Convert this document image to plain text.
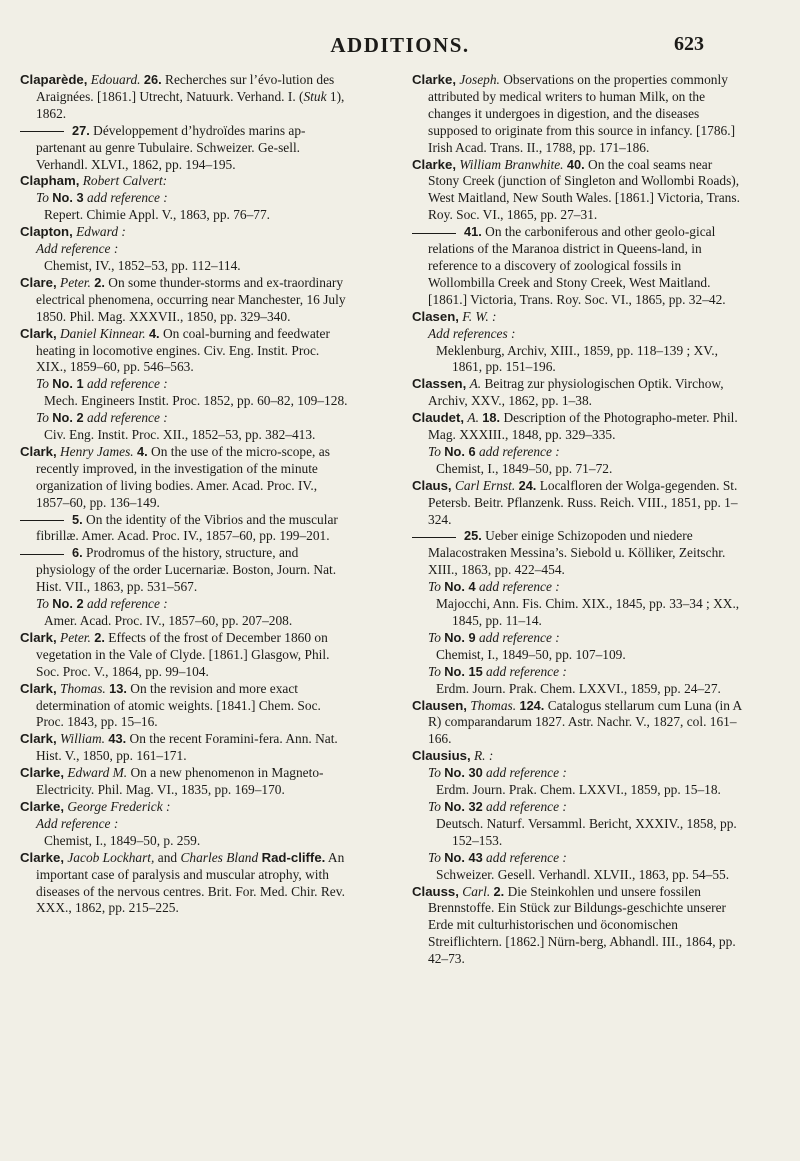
ADDITIONS.	623

Claparède, Edouard. 26. Recherches sur l’évo-lution des Araignées. [1861.] Utrecht, Natuurk. Verhand. I. (Stuk 1), 1862.

27. Développement d’hydroïdes marins ap-partenant au genre Tubulaire. Schweizer. Ge-sell. Verhandl. XLVI., 1862, pp. 194–195.

Clapham, Robert Calvert:

To No. 3 add reference :

Repert. Chimie Appl. V., 1863, pp. 76–77.

Clapton, Edward :

Add reference :

Chemist, IV., 1852–53, pp. 112–114.

Clare, Peter. 2. On some thunder-storms and ex-traordinary electrical phenomena, occurring near Manchester, 16 July 1850. Phil. Mag. XXXVII., 1850, pp. 329–340.

Clark, Daniel Kinnear. 4. On coal-burning and feedwater heating in locomotive engines. Civ. Eng. Instit. Proc. XIX., 1859–60, pp. 546–563.

To No. 1 add reference :

Mech. Engineers Instit. Proc. 1852, pp. 60–82, 109–128.

To No. 2 add reference :

Civ. Eng. Instit. Proc. XII., 1852–53, pp. 382–413.

Clark, Henry James. 4. On the use of the micro-scope, as recently improved, in the investigation of the minute organization of living bodies. Amer. Acad. Proc. IV., 1857–60, pp. 136–149.

5. On the identity of the Vibrios and the muscular fibrillæ. Amer. Acad. Proc. IV., 1857–60, pp. 199–201.

6. Prodromus of the history, structure, and physiology of the order Lucernariæ. Boston, Journ. Nat. Hist. VII., 1863, pp. 531–567.

To No. 2 add reference :

Amer. Acad. Proc. IV., 1857–60, pp. 207–208.

Clark, Peter. 2. Effects of the frost of December 1860 on vegetation in the Vale of Clyde. [1861.] Glasgow, Phil. Soc. Proc. V., 1864, pp. 99–104.

Clark, Thomas. 13. On the revision and more exact determination of atomic weights. [1841.] Chem. Soc. Proc. 1843, pp. 15–16.

Clark, William. 43. On the recent Foramini-fera. Ann. Nat. Hist. V., 1850, pp. 161–171.

Clarke, Edward M. On a new phenomenon in Magneto-Electricity. Phil. Mag. VI., 1835, pp. 169–170.

Clarke, George Frederick :

Add reference :

Chemist, I., 1849–50, p. 259.

Clarke, Jacob Lockhart, and Charles Bland Rad-cliffe. An important case of paralysis and muscular atrophy, with diseases of the nervous centres. Brit. For. Med. Chir. Rev. XXX., 1862, pp. 215–225.

Clarke, Joseph. Observations on the properties commonly attributed by medical writers to human Milk, on the changes it undergoes in digestion, and the diseases supposed to originate from this source in infancy. [1786.] Irish Acad. Trans. II., 1788, pp. 171–186.

Clarke, William Branwhite. 40. On the coal seams near Stony Creek (junction of Singleton and Wollombi Roads), West Maitland, New South Wales. [1861.] Victoria, Trans. Roy. Soc. VI., 1865, pp. 27–31.

41. On the carboniferous and other geolo-gical relations of the Maranoa district in Queens-land, in reference to a discovery of zoological fossils in Wollombilla Creek and Stony Creek, West Maitland. [1861.] Victoria, Trans. Roy. Soc. VI., 1865, pp. 32–42.

Clasen, F. W. :

Add references :

Meklenburg, Archiv, XIII., 1859, pp. 118–139 ; XV., 1861, pp. 151–196.

Classen, A. Beitrag zur physiologischen Optik. Virchow, Archiv, XXV., 1862, pp. 1–38.

Claudet, A. 18. Description of the Photographo-meter. Phil. Mag. XXXIII., 1848, pp. 329–335.

To No. 6 add reference :

Chemist, I., 1849–50, pp. 71–72.

Claus, Carl Ernst. 24. Localfloren der Wolga-gegenden. St. Petersb. Beitr. Pflanzenk. Russ. Reich. VIII., 1851, pp. 1–324.

25. Ueber einige Schizopoden und niedere Malacostraken Messina’s. Siebold u. Kölliker, Zeitschr. XIII., 1863, pp. 422–454.

To No. 4 add reference :

Majocchi, Ann. Fis. Chim. XIX., 1845, pp. 33–34 ; XX., 1845, pp. 11–14.

To No. 9 add reference :

Chemist, I., 1849–50, pp. 107–109.

To No. 15 add reference :

Erdm. Journ. Prak. Chem. LXXVI., 1859, pp. 24–27.

Clausen, Thomas. 124. Catalogus stellarum cum Luna (in A R) comparandarum 1827. Astr. Nachr. V., 1827, col. 161–166.

Clausius, R. :

To No. 30 add reference :

Erdm. Journ. Prak. Chem. LXXVI., 1859, pp. 15–18.

To No. 32 add reference :

Deutsch. Naturf. Versamml. Bericht, XXXIV., 1858, pp. 152–153.

To No. 43 add reference :

Schweizer. Gesell. Verhandl. XLVII., 1863, pp. 54–55.

Clauss, Carl. 2. Die Steinkohlen und unsere fossilen Brennstoffe. Ein Stück zur Bildungs-geschichte unserer Erde mit culturhistorischen und öconomischen Streiflichtern. [1862.] Nürn-berg, Abhandl. III., 1864, pp. 42–73.
